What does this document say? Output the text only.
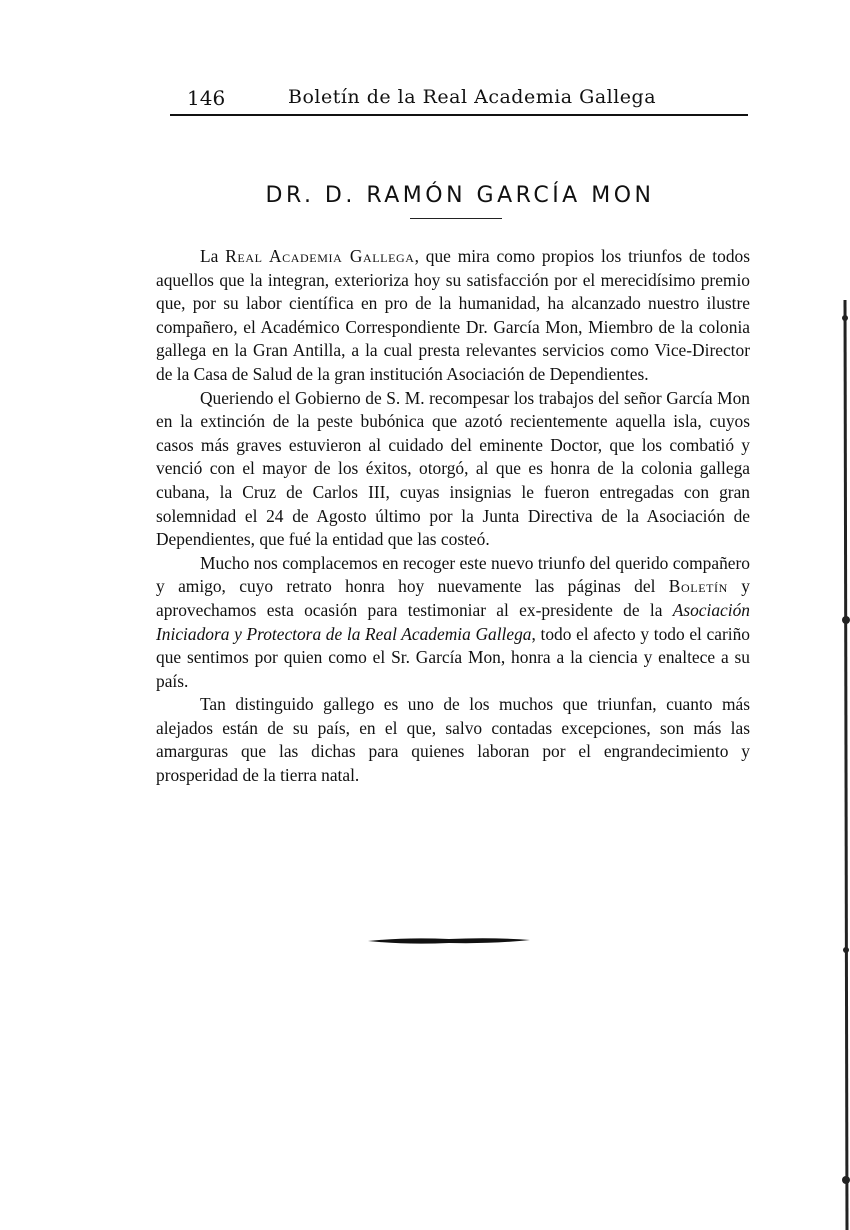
146	Boletín de la Real Academia Gallega
DR. D. RAMÓN GARCÍA MON

La Real Academia Gallega, que mira como propios los triunfos de todos aquellos que la integran, exterioriza hoy su satisfacción por el merecidísimo premio que, por su labor científica en pro de la humanidad, ha alcanzado nuestro ilustre compañero, el Académico Correspondiente Dr. García Mon, Miembro de la colonia gallega en la Gran Antilla, a la cual presta relevantes servicios como Vice-Director de la Casa de Salud de la gran institución Asociación de Dependientes.

Queriendo el Gobierno de S. M. recompesar los trabajos del señor García Mon en la extinción de la peste bubónica que azotó recientemente aquella isla, cuyos casos más graves estuvieron al cuidado del eminente Doctor, que los combatió y venció con el mayor de los éxitos, otorgó, al que es honra de la colonia gallega cubana, la Cruz de Carlos III, cuyas insignias le fueron entregadas con gran solemnidad el 24 de Agosto último por la Junta Directiva de la Asociación de Dependientes, que fué la entidad que las costeó.

Mucho nos complacemos en recoger este nuevo triunfo del querido compañero y amigo, cuyo retrato honra hoy nuevamente las páginas del Boletín y aprovechamos esta ocasión para testimoniar al ex-presidente de la Asociación Iniciadora y Protectora de la Real Academia Gallega, todo el afecto y todo el cariño que sentimos por quien como el Sr. García Mon, honra a la ciencia y enaltece a su país.

Tan distinguido gallego es uno de los muchos que triunfan, cuanto más alejados están de su país, en el que, salvo contadas excepciones, son más las amarguras que las dichas para quienes laboran por el engrandecimiento y prosperidad de la tierra natal.
